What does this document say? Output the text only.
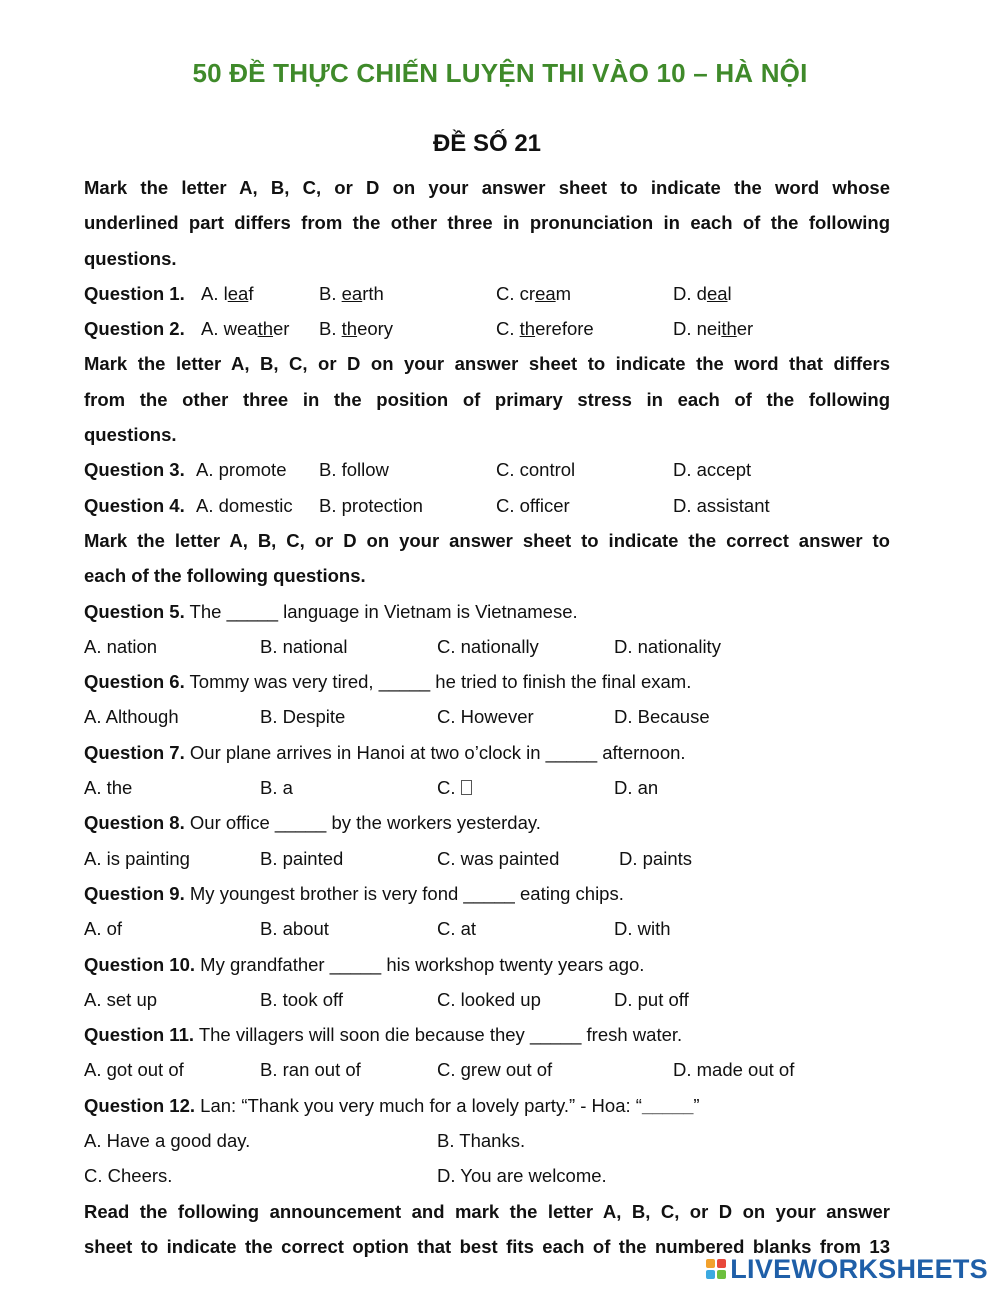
50 ĐỀ THỰC CHIẾN LUYỆN THI VÀO 10 – HÀ NỘI
ĐỀ SỐ 21
Mark the letter A, B, C, or D on your answer sheet to indicate the word whose
underlined part differs from the other three in pronunciation in each of the following
questions.
Question 1. A. leaf	B. earth	C. cream	D. deal
Question 2. A. weather B. theory	C. therefore	D. neither
Mark the letter A, B, C, or D on your answer sheet to indicate the word that differs
from the other three in the position of primary stress in each of the following
questions.
Question 3. A. promote B. follow	C. control	D. accept
Question 4. A. domestic B. protection	C. officer	D. assistant
Mark the letter A, B, C, or D on your answer sheet to indicate the correct answer to
each of the following questions.
Question 5. The _____ language in Vietnam is Vietnamese.
A. nation	B. national	C. nationally	D. nationality
Question 6. Tommy was very tired, _____ he tried to finish the final exam.
A. Although	B. Despite	C. However	D. Because
Question 7. Our plane arrives in Hanoi at two o’clock in _____ afternoon.
A. the	B. a	C.	D. an
Question 8. Our office _____ by the workers yesterday.
A. is painting	B. painted	C. was painted	D. paints
Question 9. My youngest brother is very fond _____ eating chips.
A. of	B. about	C. at	D. with
Question 10. My grandfather _____ his workshop twenty years ago.
A. set up	B. took off	C. looked up	D. put off
Question 11. The villagers will soon die because they _____ fresh water.
A. got out of	B. ran out of	C. grew out of	D. made out of
Question 12. Lan: “Thank you very much for a lovely party.” - Hoa: “_____”
A. Have a good day.	B. Thanks.
C. Cheers.	D. You are welcome.
Read the following announcement and mark the letter A, B, C, or D on your answer
sheet to indicate the correct option that best fits each of the numbered blanks from 13
LIVEWORKSHEETS
